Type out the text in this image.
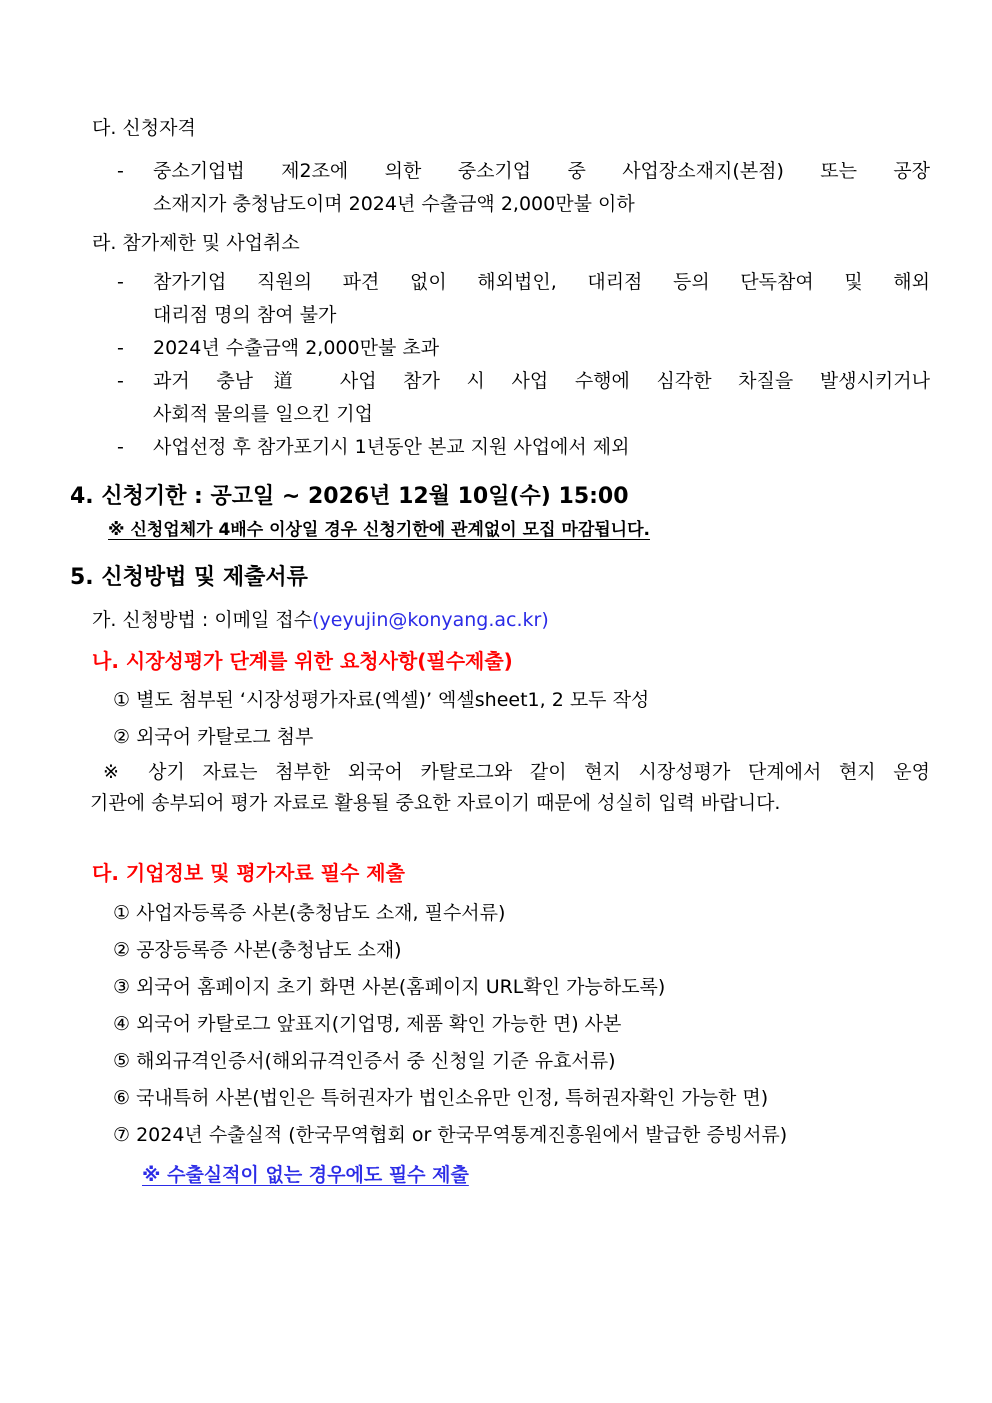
다. 신청자격
- 중소기업법 제2조에 의한 중소기업 중 사업장소재지(본점) 또는 공장
소재지가 충청남도이며 2024년 수출금액 2,000만불 이하
라. 참가제한 및 사업취소
- 참가기업 직원의 파견 없이 해외법인, 대리점 등의 단독참여 및 해외
대리점 명의 참여 불가
- 2024년 수출금액 2,000만불 초과
- 과거 충남道 사업 참가 시 사업 수행에 심각한 차질을 발생시키거나
사회적 물의를 일으킨 기업
- 사업선정 후 참가포기시 1년동안 본교 지원 사업에서 제외
4. 신청기한 : 공고일 ~ 2026년 12월 10일(수) 15:00
※ 신청업체가 4배수 이상일 경우 신청기한에 관계없이 모집 마감됩니다.
5. 신청방법 및 제출서류
가. 신청방법 : 이메일 접수(yeyujin@konyang.ac.kr)
나. 시장성평가 단계를 위한 요청사항(필수제출)
① 별도 첨부된 ‘시장성평가자료(엑셀)’ 엑셀sheet1, 2 모두 작성
② 외국어 카탈로그 첨부
※ 상기 자료는 첨부한 외국어 카탈로그와 같이 현지 시장성평가 단계에서 현지 운영
기관에 송부되어 평가 자료로 활용될 중요한 자료이기 때문에 성실히 입력 바랍니다.
다. 기업정보 및 평가자료 필수 제출
① 사업자등록증 사본(충청남도 소재, 필수서류)
② 공장등록증 사본(충청남도 소재)
③ 외국어 홈페이지 초기 화면 사본(홈페이지 URL확인 가능하도록)
④ 외국어 카탈로그 앞표지(기업명, 제품 확인 가능한 면) 사본
⑤ 해외규격인증서(해외규격인증서 중 신청일 기준 유효서류)
⑥ 국내특허 사본(법인은 특허권자가 법인소유만 인정, 특허권자확인 가능한 면)
⑦ 2024년 수출실적 (한국무역협회 or 한국무역통계진흥원에서 발급한 증빙서류)
※ 수출실적이 없는 경우에도 필수 제출
